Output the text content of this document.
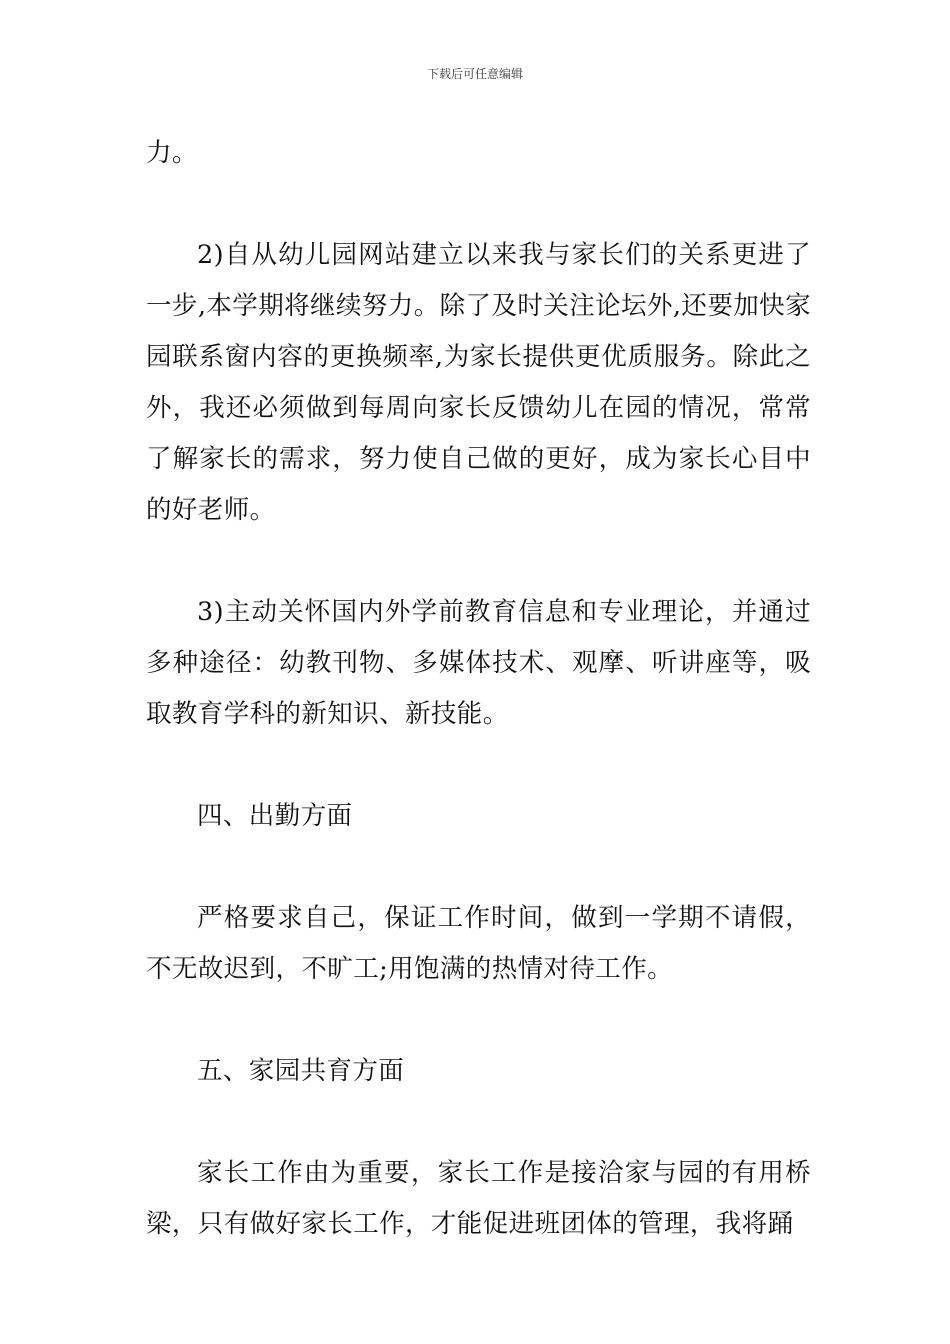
下载后可任意编辑

力。

2)自从幼儿园网站建立以来我与家长们的关系更进了一步,本学期将继续努力。除了及时关注论坛外,还要加快家园联系窗内容的更换频率,为家长提供更优质服务。除此之外，我还必须做到每周向家长反馈幼儿在园的情况，常常了解家长的需求，努力使自己做的更好，成为家长心目中的好老师。

3)主动关怀国内外学前教育信息和专业理论，并通过多种途径：幼教刊物、多媒体技术、观摩、听讲座等，吸取教育学科的新知识、新技能。

四、出勤方面

严格要求自己，保证工作时间，做到一学期不请假，不无故迟到，不旷工;用饱满的热情对待工作。

五、家园共育方面

家长工作由为重要，家长工作是接洽家与园的有用桥梁，只有做好家长工作，才能促进班团体的管理，我将踊
